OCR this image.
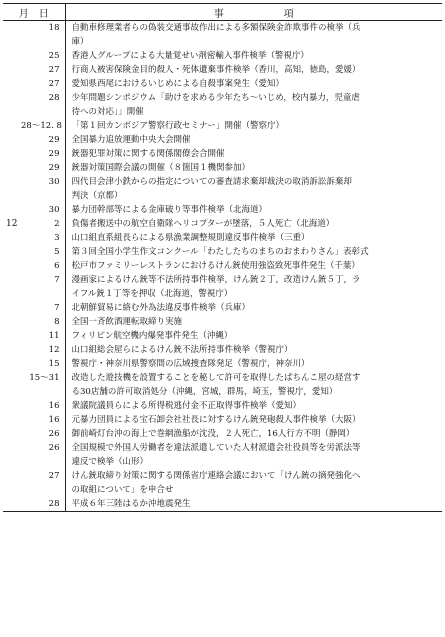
月　日		事項
	18	自動車修理業者らの偽装交通事故作出による多額保険金詐欺事件の検挙（兵
庫）

	25	香港人グループによる大量覚せい剤密輸入事件検挙（警視庁）

	27	行商人被害保険金目的殺人・死体遺棄事件検挙（香川，高知，徳島，愛媛）

	27	愛知県西尾におけるいじめによる自殺事案発生（愛知）

	28	少年問題シンポジウム「助けを求める少年たち～いじめ，校内暴力，児童虐
待への対応」」開催

	28～12. 8	「第１回カンボジア警察行政セミナー」開催（警察庁）

	29	全国暴力追放運動中央大会開催

	29	銃器犯罪対策に関する関係閣僚会合開催

	29	銃器対策国際会議の開催（８箇国１機関参加）

	30	四代目会津小鉄からの指定についての審査請求棄却裁決の取消訴訟訴棄却
判決（京都）

	30	暴力団幹部等による金庫破り等事件検挙（北海道）

12	2	負傷者搬送中の航空自衛隊ヘリコプターが墜落，５人死亡（北海道）

	3	山口組直系組長らによる県漁業調整規則違反事件検挙（三重）

	5	第３回全国小学生作文コンクール「わたしたちのまちのおまわりさん」表彰式

	6	松戸市ファミリーレストランにおけるけん銃使用強盗致死事件発生（千葉）

	7	漫画家によるけん銃等不法所持事件検挙，けん銃２丁，改造けん銃５丁，ラ
イフル銃１丁等を押収（北海道，警視庁）

	7	北朝鮮貿易に絡む外為法違反事件検挙（兵庫）

	8	全国一斉飲酒運転取締り実施

	11	フィリピン航空機内爆発事件発生（沖縄）

	12	山口組総会屋らによるけん銃不法所持事件検挙（警視庁）

	15	警視庁・神奈川県警察間の広域捜査隊発足（警視庁，神奈川）

	15～31	改造した遊技機を設置することを秘して許可を取得したぱちんこ屋の経営す
る30店舗の許可取消処分（沖縄，宮城，群馬，埼玉，警視庁，愛知）

	16	衆議院議員らによる所得税逃付金不正取得事件検挙（愛知）

	16	元暴力団員による宝石卸会社社長に対するけん銃発砲殺人事件検挙（大阪）

	26	御前崎灯台沖の海上で巻網漁船が沈没，２人死亡，16人行方不明（静岡）

	26	全国規模で外国人労働者を違法派遣していた人材派遣会社役員等を労派法等
違反で検挙（山形）

	27	けん銃取締り対策に関する関係省庁連絡会議において「けん銃の摘発強化へ
の取組について」を申合せ

	28	平成６年三陸はるか沖地震発生
